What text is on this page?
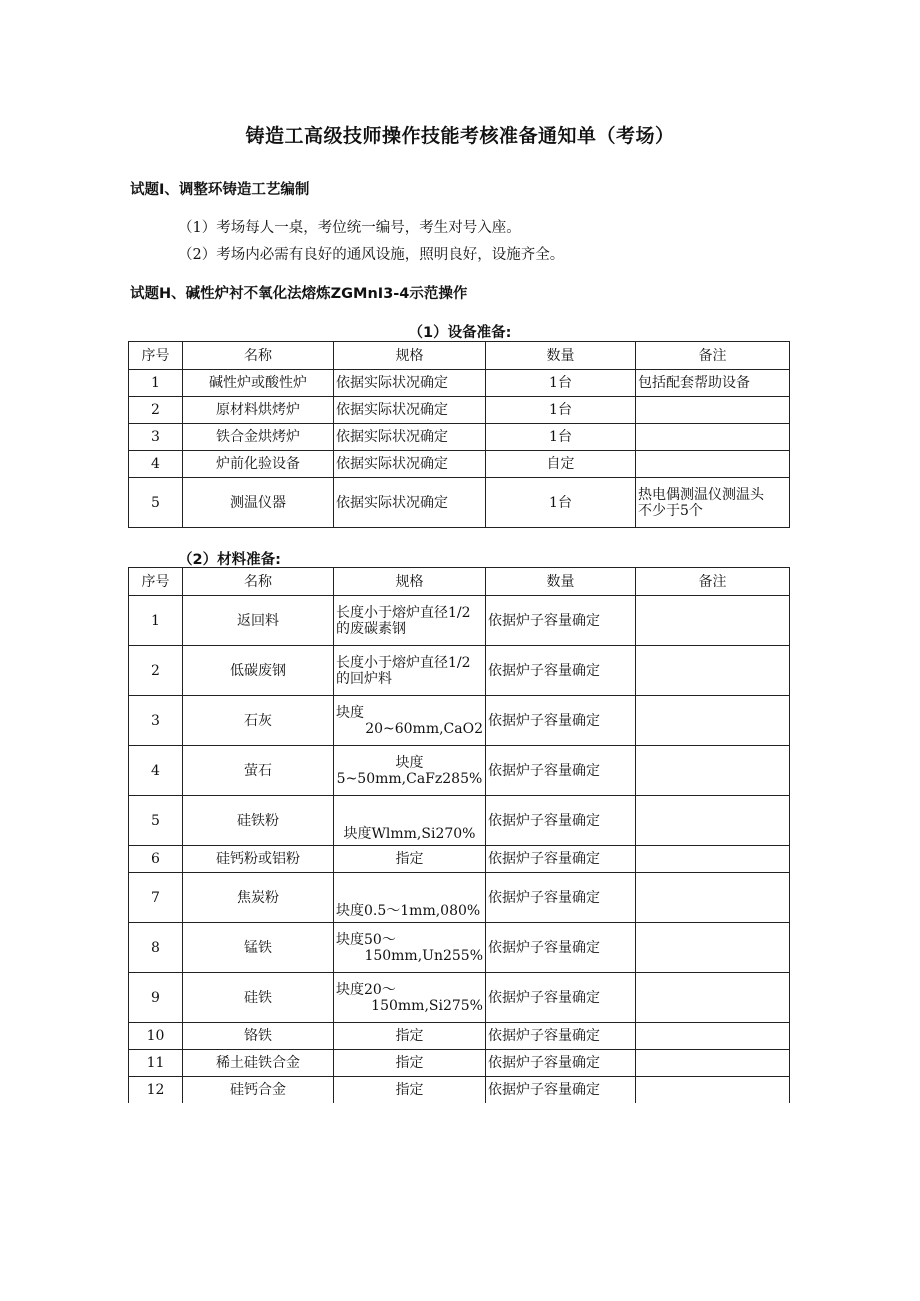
铸造工高级技师操作技能考核准备通知单（考场）
试题Ⅰ、调整环铸造工艺编制
（1）考场每人一桌，考位统一编号，考生对号入座。
（2）考场内必需有良好的通风设施，照明良好，设施齐全。
试题H、碱性炉衬不氧化法熔炼ZGMnI3-4示范操作
（1）设备准备:
序号	名称	规格	数量	备注
1	碱性炉或酸性炉	依据实际状况确定	1台	包括配套帮助设备
2	原材料烘烤炉	依据实际状况确定	1台	
3	铁合金烘烤炉	依据实际状况确定	1台	
4	炉前化验设备	依据实际状况确定	自定	
5	测温仪器	依据实际状况确定	1台	热电偶测温仪测温头
不少于5个
（2）材料准备:
序号	名称	规格	数量	备注
1	返回料	长度小于熔炉直径1/2
的废碳素钢	依据炉子容量确定	
2	低碳废钢	长度小于熔炉直径1/2
的回炉料	依据炉子容量确定	
3	石灰	块度
20~60mm,CaO2	依据炉子容量确定	
4	萤石	块度
5~50mm,CaFz285%	依据炉子容量确定	
5	硅铁粉	块度Wlmm,Si270%	依据炉子容量确定	
6	硅钙粉或铝粉	指定	依据炉子容量确定	
7	焦炭粉	块度0.5～1mm,080%	依据炉子容量确定	
8	锰铁	块度50～
150mm,Un255%	依据炉子容量确定	
9	硅铁	块度20～
150mm,Si275%	依据炉子容量确定	
10	铬铁	指定	依据炉子容量确定	
11	稀土硅铁合金	指定	依据炉子容量确定	
12	硅钙合金	指定	依据炉子容量确定	
